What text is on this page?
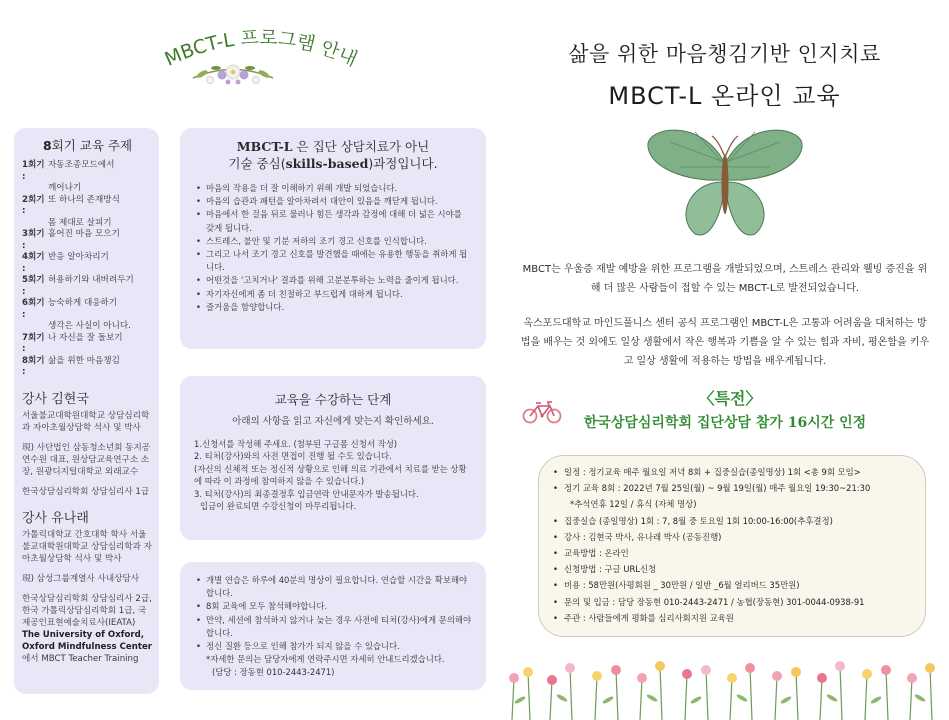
MBCT-L 프로그램 안내
8회기 교육 주제
1회기 :
자동조종모드에서
깨어나기
2회기 :
또 하나의 존재방식
몸 제대로 살피기
3회기 :
흩어진 마음 모으기
4회기 :
반응 알아차리기
5회기 :
허용하기와 내버려두기
6회기 :
능숙하게 대응하기
생각은 사실이 아니다.
7회기 :
나 자신을 잘 돌보기
8회기 :
삶을 위한 마음챙김
강사 김현국
서울불교대학원대학교 상담심리학과 자아초월상담학 석사 및 박사
現) 사단법인 삼동청소년회 동지공연수원 대표, 원상담교육연구소 소장, 원광디지털대학교 외래교수
한국상담심리학회 상담심리사 1급
강사 유나래
가톨릭대학교 간호대학 학사 서울불교대학원대학교 상담심리학과 자아초월상담학 석사 및 박사
現) 삼성그룹계열사 사내상담사
한국상담심리학회 상담심리사 2급, 한국 가톨릭상담심리학회 1급, 국제공인표현예술치료사(IEATA)
The University of Oxford, Oxford Mindfulness Center
에서 MBCT Teacher Training
MBCT-L 은 집단 상담치료가 아닌
기술 중심(skills-based)과정입니다.
• 마음의 작용을 더 잘 이해하기 위해 개발 되었습니다.
• 마음의 습관과 패턴을 알아차려서 대안이 있음을 깨닫게 됩니다.
• 마음에서 한 걸음 뒤로 물러나 힘든 생각과 감정에 대해 더 넓은 시야를 갖게 됩니다.
• 스트레스, 불안 및 기분 저하의 조기 경고 신호를 인식합니다.
• 그리고 나서 조기 경고 신호를 발견했을 때에는 유용한 행동을 취하게 됩니다.
• 어떤것을 '고치거나' 결과를 위해 고분분투하는 노력을 줄이게 됩니다.
• 자기자신에게 좀 더 친절하고 부드럽게 대하게 됩니다.
• 즐거움을 함양합니다.
교육을 수강하는 단계
아래의 사항을 읽고 자신에게 맞는지 확인하세요.
1.신청서를 작성해 주세요. (첨부된 구글폼 신청서 작성)
2. 티처(강사)와의 사전 면접이 진행 될 수도 있습니다.
(자신의 신체적 또는 정신적 상황으로 인해 의료 기관에서 치료를 받는 상황에 따라 이 과정에 참여하지 않을 수 있습니다.)
3. 티처(강사)의 최종결정후 입금연락 안내문자가 발송됩니다.
입금이 완료되면 수강신청이 마무리됩니다.
• 개별 연습은 하루에 40분의 명상이 필요합니다. 연습할 시간을 확보해야 합니다.
• 8회 교육에 모두 참석해야합니다.
• 만약, 세션에 참석하지 않거나 늦는 경우 사전에 티처(강사)에게 문의해야 합니다.
• 정신 질환 등으로 인해 참가가 되지 않을 수 있습니다.
*자세한 문의는 담당자에게 연락주시면 자세히 안내드리겠습니다.
(담당 : 장동현 010-2443-2471)
삶을 위한 마음챙김기반 인지치료
MBCT-L 온라인 교육
MBCT는 우울증 재발 예방을 위한 프로그램을 개발되었으며, 스트레스 관리와 웰빙 증진을 위해 더 많은 사람들이 접할 수 있는 MBCT-L로 발전되었습니다.
옥스포드대학교 마인드풀니스 센터 공식 프로그램인 MBCT-L은 고통과 어려움을 대처하는 방법을 배우는 것 외에도 일상 생활에서 작은 행복과 기쁨을 알 수 있는 힘과 자비, 평온함을 키우고 일상 생활에 적용하는 방법을 배우게됩니다.
〈특전〉
한국상담심리학회 집단상담 참가 16시간 인정
• 일정 : 정기교육 매주 월요일 저녁 8회 + 집중실습(종일명상) 1회 <총 9회 모임>
• 정기 교육 8회 : 2022년 7월 25일(월) ~ 9월 19일(월) 매주 월요일 19:30~21:30
*추석연휴 12일 / 휴식 (자체 명상)
• 집중실습 (종일명상) 1회 : 7, 8월 중 토요일 1회 10:00-16:00(추후결정)
• 강사 : 김현국 박사, 유나래 박사 (공동진행)
• 교육방법 : 온라인
• 신청방법 : 구글 URL신청
• 비용 : 58만원(사평회원 _ 30만원 / 일반 _6월 얼리버드 35만원)
• 문의 및 입금 : 담당 장동현 010-2443-2471 / 농협(장동현) 301-0044-0938-91
• 주관 : 사람들에게 평화를 심리사회지원 교육원
